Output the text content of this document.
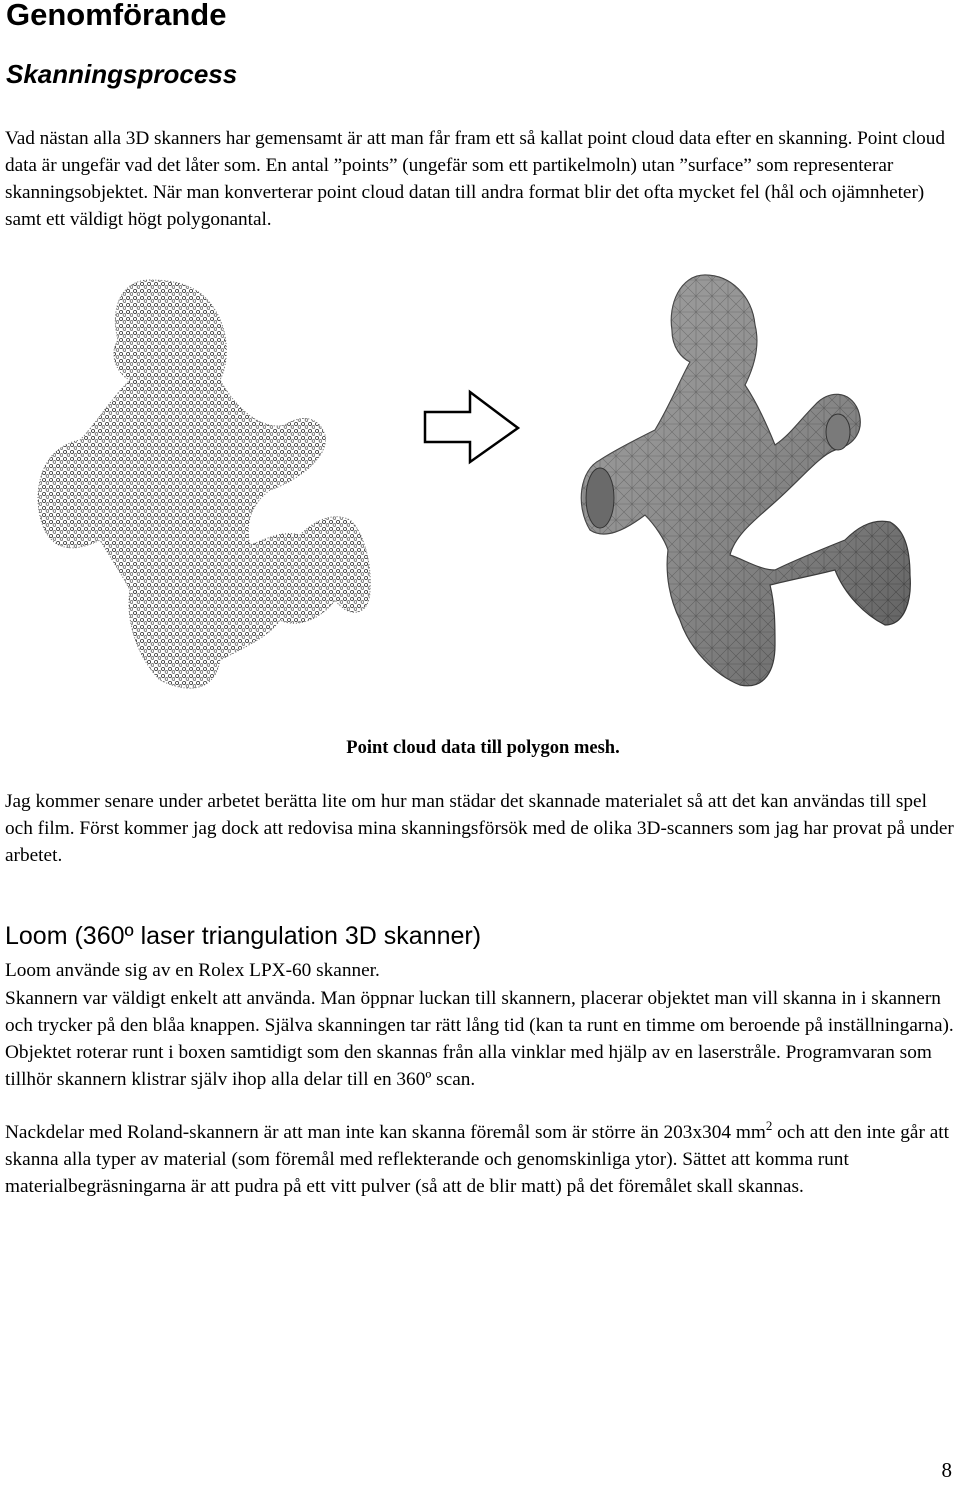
Genomförande
Skanningsprocess

Vad nästan alla 3D skanners har gemensamt är att man får fram ett så kallat point cloud data efter en skanning. Point cloud data är ungefär vad det låter som. En antal ”points” (ungefär som ett partikelmoln) utan ”surface” som representerar skanningsobjektet. När man konverterar point cloud datan till andra format blir det ofta mycket fel (hål och ojämnheter) samt ett väldigt högt polygonantal.

Point cloud data till polygon mesh.

Jag kommer senare under arbetet berätta lite om hur man städar det skannade materialet så att det kan användas till spel och film. Först kommer jag dock att redovisa mina skanningsförsök med de olika 3D-scanners som jag har provat på under arbetet.

Loom (360º laser triangulation 3D skanner)

Loom använde sig av en Rolex LPX-60 skanner.

Skannern var väldigt enkelt att använda. Man öppnar luckan till skannern, placerar objektet man vill skanna in i skannern och trycker på den blåa knappen. Själva skanningen tar rätt lång tid (kan ta runt en timme om beroende på inställningarna). Objektet roterar runt i boxen samtidigt som den skannas från alla vinklar med hjälp av en laserstråle. Programvaran som tillhör skannern klistrar själv ihop alla delar till en 360º scan.

Nackdelar med Roland-skannern är att man inte kan skanna föremål som är större än 203x304 $mm^2$ och att den inte går att skanna alla typer av material (som föremål med reflekterande och genomskinliga ytor). Sättet att komma runt materialbegräsningarna är att pudra på ett vitt pulver (så att de blir matt) på det föremålet skall skannas.

8
